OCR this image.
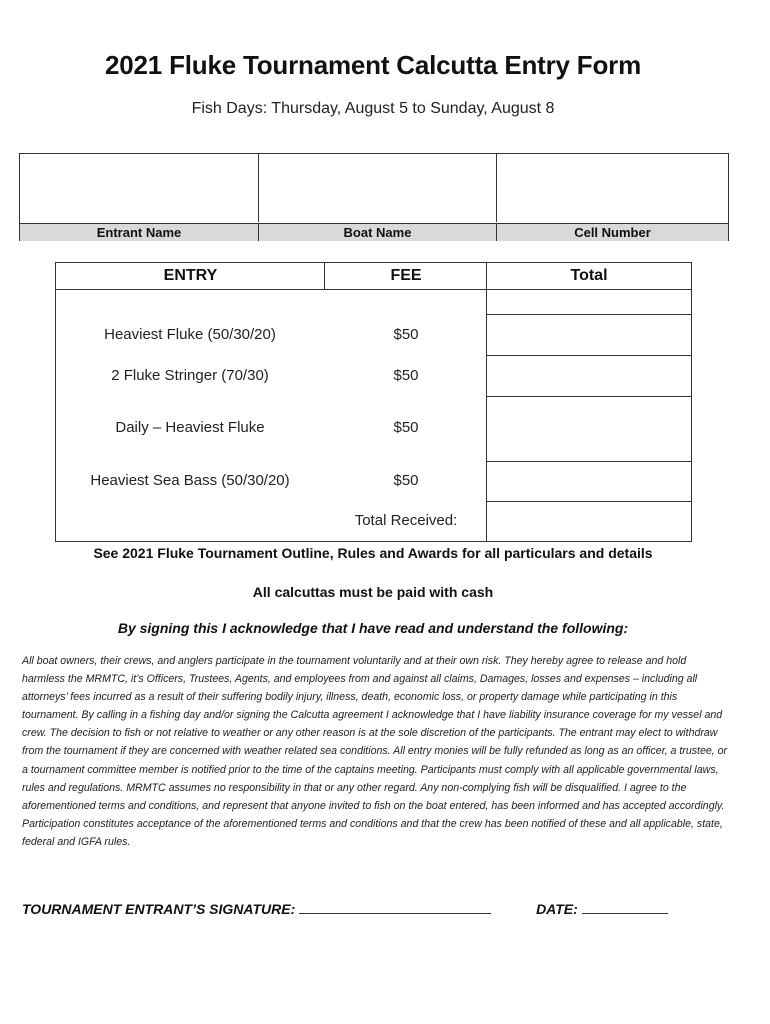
2021 Fluke Tournament Calcutta Entry Form
Fish Days: Thursday, August 5 to Sunday, August 8
Entrant Name	Boat Name	Cell Number
ENTRY	FEE	Total
Heaviest Fluke (50/30/20)	$50
2 Fluke Stringer (70/30)	$50
Daily – Heaviest Fluke	$50
Heaviest Sea Bass (50/30/20)	$50
Total Received:
See 2021 Fluke Tournament Outline, Rules and Awards for all particulars and details
All calcuttas must be paid with cash
By signing this I acknowledge that I have read and understand the following:
All boat owners, their crews, and anglers participate in the tournament voluntarily and at their own risk. They hereby agree to release and hold harmless the MRMTC, it’s Officers, Trustees, Agents, and employees from and against all claims, Damages, losses and expenses – including all attorneys’ fees incurred as a result of their suffering bodily injury, illness, death, economic loss, or property damage while participating in this tournament. By calling in a fishing day and/or signing the Calcutta agreement I acknowledge that I have liability insurance coverage for my vessel and crew. The decision to fish or not relative to weather or any other reason is at the sole discretion of the participants. The entrant may elect to withdraw from the tournament if they are concerned with weather related sea conditions. All entry monies will be fully refunded as long as an officer, a trustee, or a tournament committee member is notified prior to the time of the captains meeting. Participants must comply with all applicable governmental laws, rules and regulations. MRMTC assumes no responsibility in that or any other regard. Any non-complying fish will be disqualified. I agree to the aforementioned terms and conditions, and represent that anyone invited to fish on the boat entered, has been informed and has accepted accordingly. Participation constitutes acceptance of the aforementioned terms and conditions and that the crew has been notified of these and all applicable, state, federal and IGFA rules.
TOURNAMENT ENTRANT’S SIGNATURE:	DATE:
